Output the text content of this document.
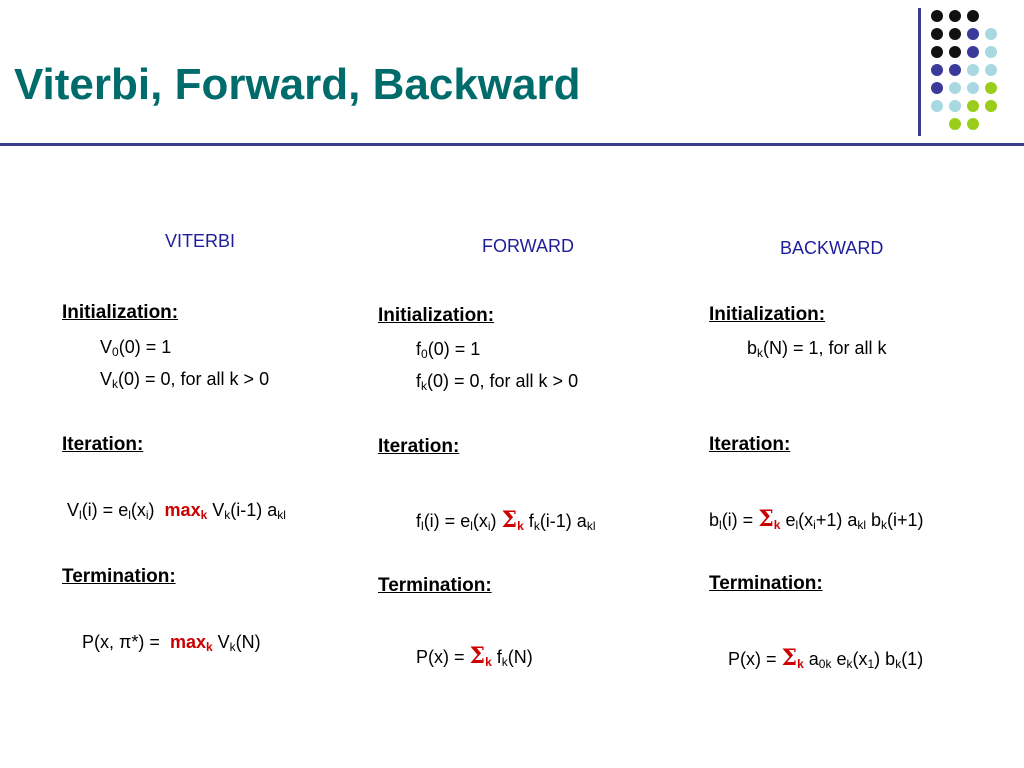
Viterbi, Forward, Backward
VITERBI
Initialization:
$V_0(0) = 1$
$V_k(0) = 0$, for all k > 0
Iteration:
$V_l(i) = e_l(x_i)$  $\max_k V_k(i-1)$ $a_{kl}$
Termination:
P(x, $\pi*) = \max_k V_k(N)$
FORWARD
Initialization:
$f_0(0) = 1$
$f_k(0) = 0$, for all k > 0
Iteration:
$f_l(i) = e_l(x_i)$ $\Sigma_k$ $f_k(i-1)$ $a_{kl}$
Termination:
$P(x) = \Sigma_k$ $f_k(N)$
BACKWARD
Initialization:
$b_k(N) = 1$, for all k
Iteration:
$b_l(i) = \Sigma_k$ $e_l(x_i+1)$ $a_{kl}$ $b_k(i+1)$
Termination:
$P(x) = \Sigma_k$ $a_{0k}$ $e_k(x_1)$ $b_k(1)$
